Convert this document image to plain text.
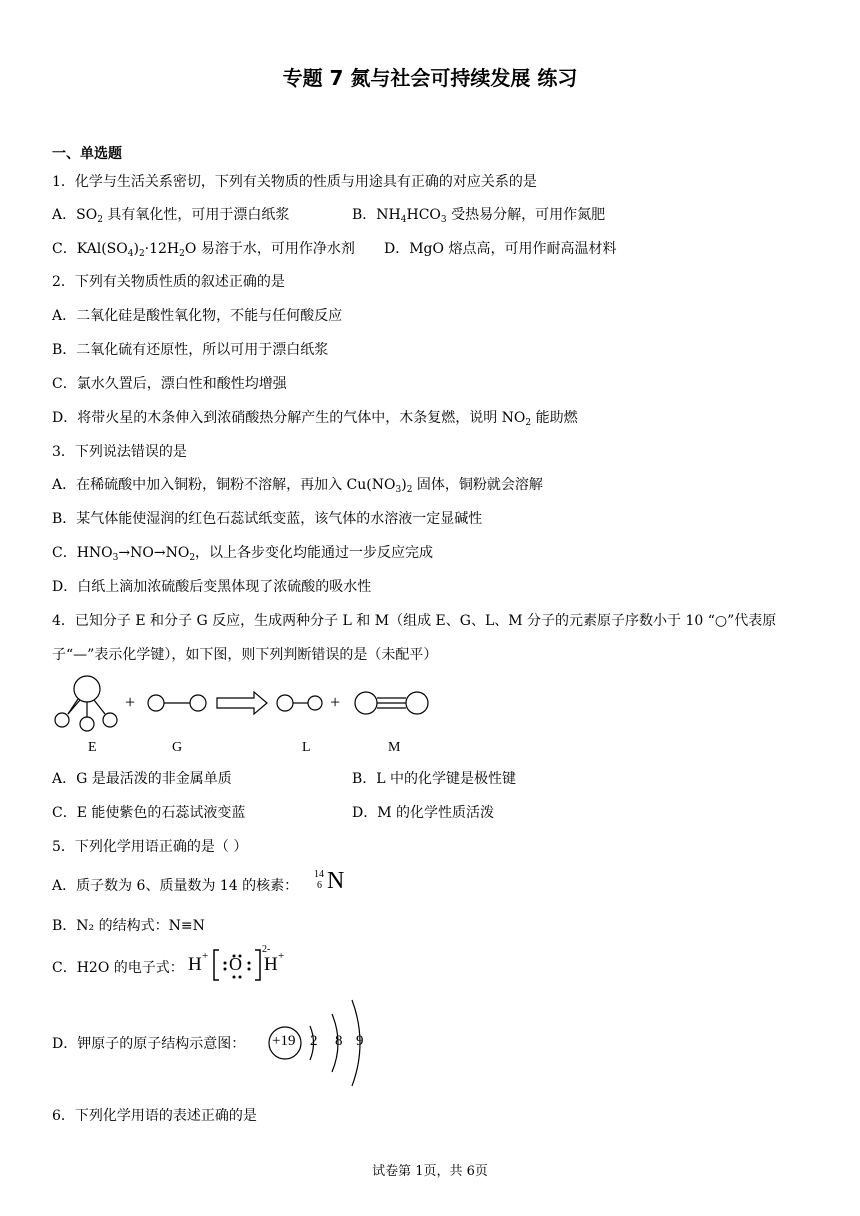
专题 7 氮与社会可持续发展 练习
一、单选题
1．化学与生活关系密切，下列有关物质的性质与用途具有正确的对应关系的是
A．$SO_2$ 具有氧化性，可用于漂白纸浆	B．$NH_4HCO_3$ 受热易分解，可用作氮肥
C．$KAl(SO_4)_2\cdot 12H_2O$ 易溶于水，可用作净水剂 D．MgO 熔点高，可用作耐高温材料
2．下列有关物质性质的叙述正确的是
A．二氧化硅是酸性氧化物，不能与任何酸反应
B．二氧化硫有还原性，所以可用于漂白纸浆
C．氯水久置后，漂白性和酸性均增强
D．将带火星的木条伸入到浓硝酸热分解产生的气体中，木条复燃，说明 $NO_2$ 能助燃
3．下列说法错误的是
A．在稀硫酸中加入铜粉，铜粉不溶解，再加入 $Cu(NO_3)_2$ 固体，铜粉就会溶解
B．某气体能使湿润的红色石蕊试纸变蓝，该气体的水溶液一定显碱性
C．$HNO_3\to NO\to NO_2$，以上各步变化均能通过一步反应完成
D．白纸上滴加浓硫酸后变黑体现了浓硫酸的吸水性
4．已知分子 E 和分子 G 反应，生成两种分子 L 和 M（组成 E、G、L、M 分子的元素原子序数小于 10 “○”代表原
子“—”表示化学键），如下图，则下列判断错误的是（未配平）
+	+
E	G	L	M
A．G 是最活泼的非金属单质	B．L 中的化学键是极性键
C．E 能使紫色的石蕊试液变蓝	D．M 的化学性质活泼
5．下列化学用语正确的是（ ）
A．质子数为 6、质量数为 14 的核素：
14
6 N
B．N₂ 的结构式：N≡N
C．H2O 的电子式： H + O
2-
H +
D．钾原子的原子结构示意图： +19 2 8 9
6．下列化学用语的表述正确的是
试卷第 1页，共 6页
